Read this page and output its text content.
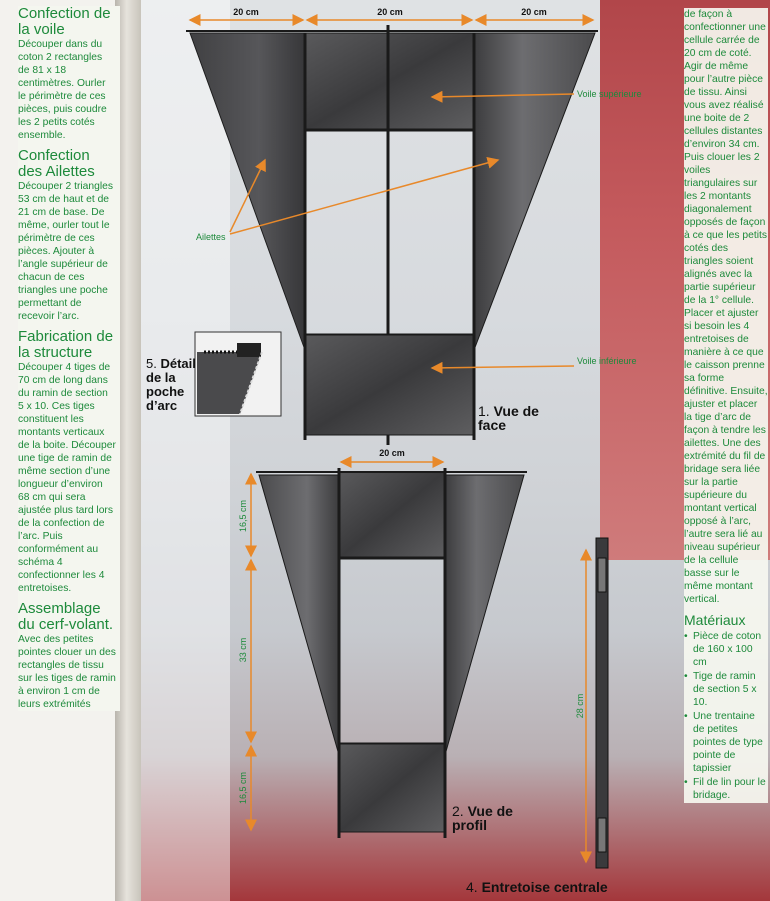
Confection de la voile

Découper dans du coton 2 rectangles de 81 x 18 centimètres. Ourler le périmètre de ces pièces, puis coudre les 2 petits cotés ensemble.

Confection des Ailettes

Découper 2 triangles 53 cm de haut et de 21 cm de base. De même, ourler tout le périmètre de ces pièces. Ajouter à l’angle supérieur de chacun de ces triangles une poche permettant de recevoir l’arc.

Fabrication de la structure

Découper 4 tiges de 70 cm de long dans du ramin de section 5 x 10. Ces tiges constituent les montants verticaux de la boite. Découper une tige de ramin de même section d’une longueur d’environ 68 cm qui sera ajustée plus tard lors de la confection de l’arc. Puis conformément au schéma 4 confectionner les 4 entretoises.

Assemblage du cerf-volant.

Avec des petites pointes clouer un des rectangles de tissu sur les tiges de ramin à environ 1 cm de leurs extrémités

de façon à confectionner une cellule carrée de 20 cm de coté. Agir de même pour l’autre pièce de tissu. Ainsi vous avez réalisé une boite de 2 cellules distantes d’environ 34 cm. Puis clouer les 2 voiles triangulaires sur les 2 montants diagonalement opposés de façon à ce que les petits cotés des triangles soient alignés avec la partie supérieur de la 1° cellule. Placer et ajuster si besoin les 4 entretoises de manière à ce que le caisson prenne sa forme définitive. Ensuite, ajuster et placer la tige d’arc de façon à tendre les ailettes. Une des extrémité du fil de bridage sera liée sur la partie supérieure du montant vertical opposé à l’arc, l’autre sera lié au niveau supérieur de la cellule basse sur le même montant vertical.

Matériaux
• Pièce de coton de 160 x 100 cm
• Tige de ramin de section 5 x 10.
• Une trentaine de petites pointes de type pointe de tapissier
• Fil de lin pour le bridage.
20 cm	20 cm	20 cm
Voile supérieure
Ailettes
Voile inférieure
20 cm
16,5 cm
33 cm
16,5 cm
28 cm
1. Vue de face
5. Détail de la poche d’arc
2. Vue de profil
4. Entretoise centrale
